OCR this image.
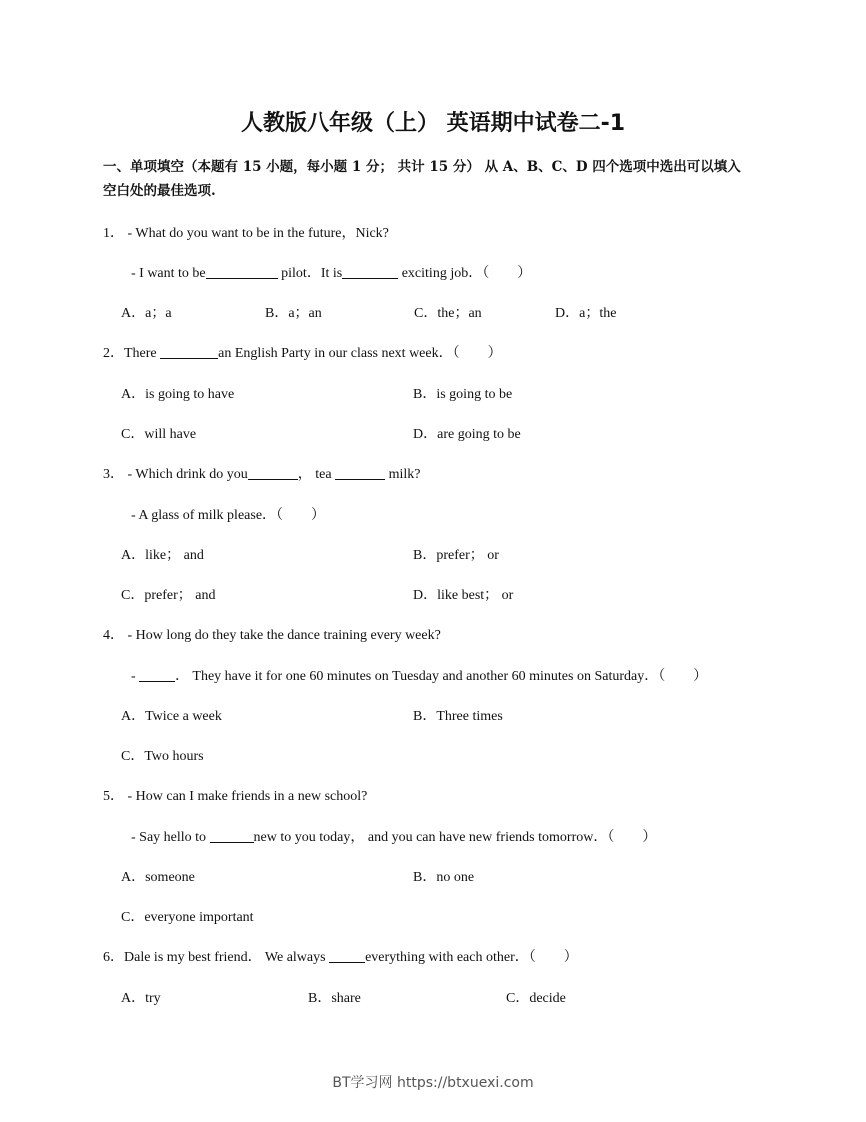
人教版八年级（上） 英语期中试卷二-1
一、单项填空（本题有 15 小题，每小题 1 分； 共计 15 分） 从 A、B、C、D 四个选项中选出可以填入
空白处的最佳选项.
1． - What do you want to be in the future，Nick?
- I want to be	pilot．It is	exciting job．（　　）
A．a；a	B．a；an	C．the；an	D．a；the
2．There	an English Party in our class next week．（　　）
A．is going to have	B．is going to be
C．will have	D．are going to be
3． - Which drink do you	， tea	milk?
- A glass of milk please．（　　）
A．like； and	B．prefer； or
C．prefer； and	D．like best； or
4． - How long do they take the dance training every week?
-	． They have it for one 60 minutes on Tuesday and another 60 minutes on Saturday．（　　）
A．Twice a week	B．Three times
C．Two hours
5． - How can I make friends in a new school?
- Say hello to	new to you today， and you can have new friends tomorrow．（　　）
A．someone	B．no one
C．everyone important
6．Dale is my best friend． We always	everything with each other．（　　）
A．try	B．share	C．decide
BT学习网 https://btxuexi.com
